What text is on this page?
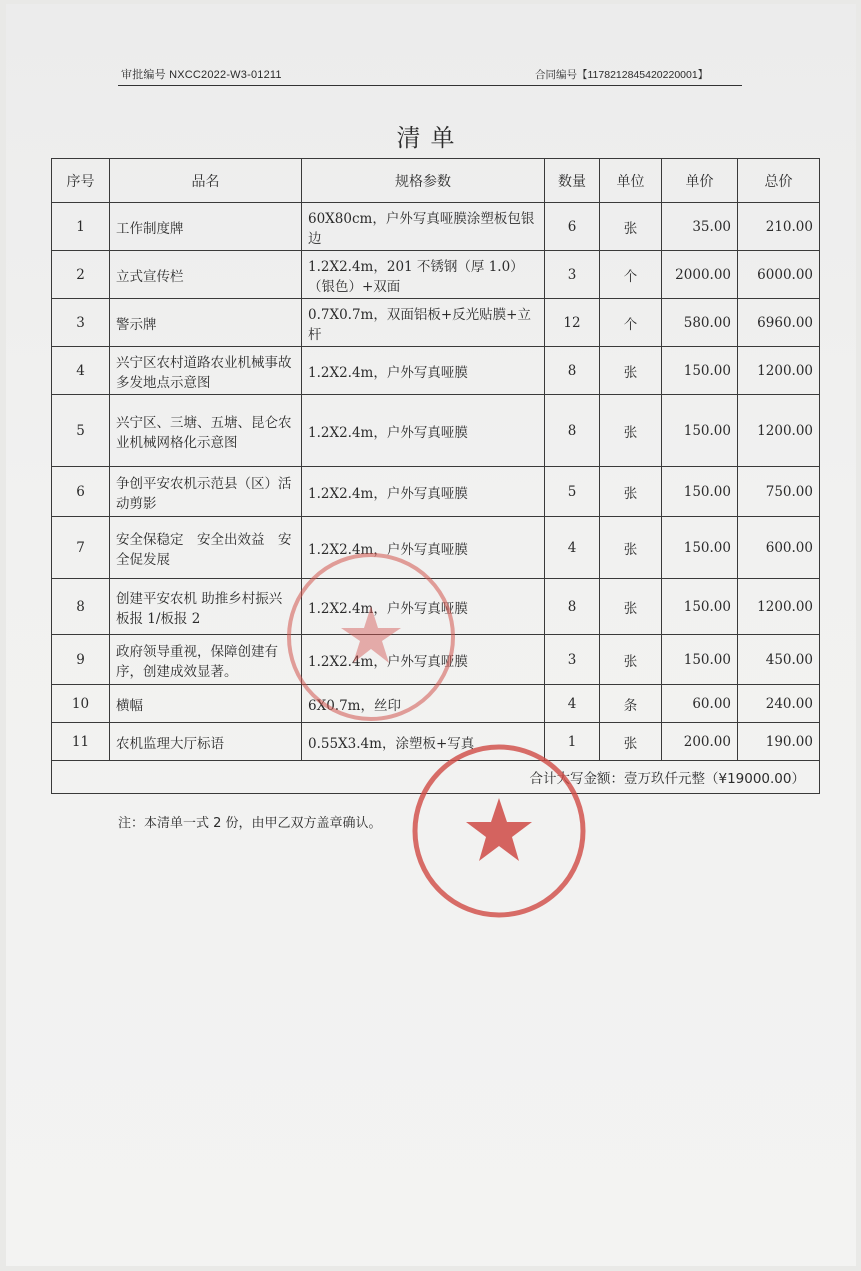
审批编号 NXCC2022-W3-01211	合同编号【1178212845420220001】
清单
序号	品名	规格参数	数量	单位	单价	总价
1	工作制度牌	60X80cm，户外写真哑膜涂塑板包银边	6	张	35.00	210.00
2	立式宣传栏	1.2X2.4m，201 不锈钢（厚 1.0）（银色）+双面	3	个	2000.00	6000.00
3	警示牌	0.7X0.7m，双面铝板+反光贴膜+立杆	12	个	580.00	6960.00
4	兴宁区农村道路农业机械事故多发地点示意图	1.2X2.4m，户外写真哑膜	8	张	150.00	1200.00
5	兴宁区、三塘、五塘、昆仑农业机械网格化示意图	1.2X2.4m，户外写真哑膜	8	张	150.00	1200.00
6	争创平安农机示范县（区）活动剪影	1.2X2.4m，户外写真哑膜	5	张	150.00	750.00
7	安全保稳定　安全出效益　安全促发展	1.2X2.4m，户外写真哑膜	4	张	150.00	600.00
8	创建平安农机 助推乡村振兴板报 1/板报 2	1.2X2.4m，户外写真哑膜	8	张	150.00	1200.00
9	政府领导重视，保障创建有序，创建成效显著。	1.2X2.4m，户外写真哑膜	3	张	150.00	450.00
10	横幅	6X0.7m，丝印	4	条	60.00	240.00
11	农机监理大厅标语	0.55X3.4m，涂塑板+写真	1	张	200.00	190.00
合计大写金额：壹万玖仟元整（¥19000.00）						
注：本清单一式 2 份，由甲乙双方盖章确认。
